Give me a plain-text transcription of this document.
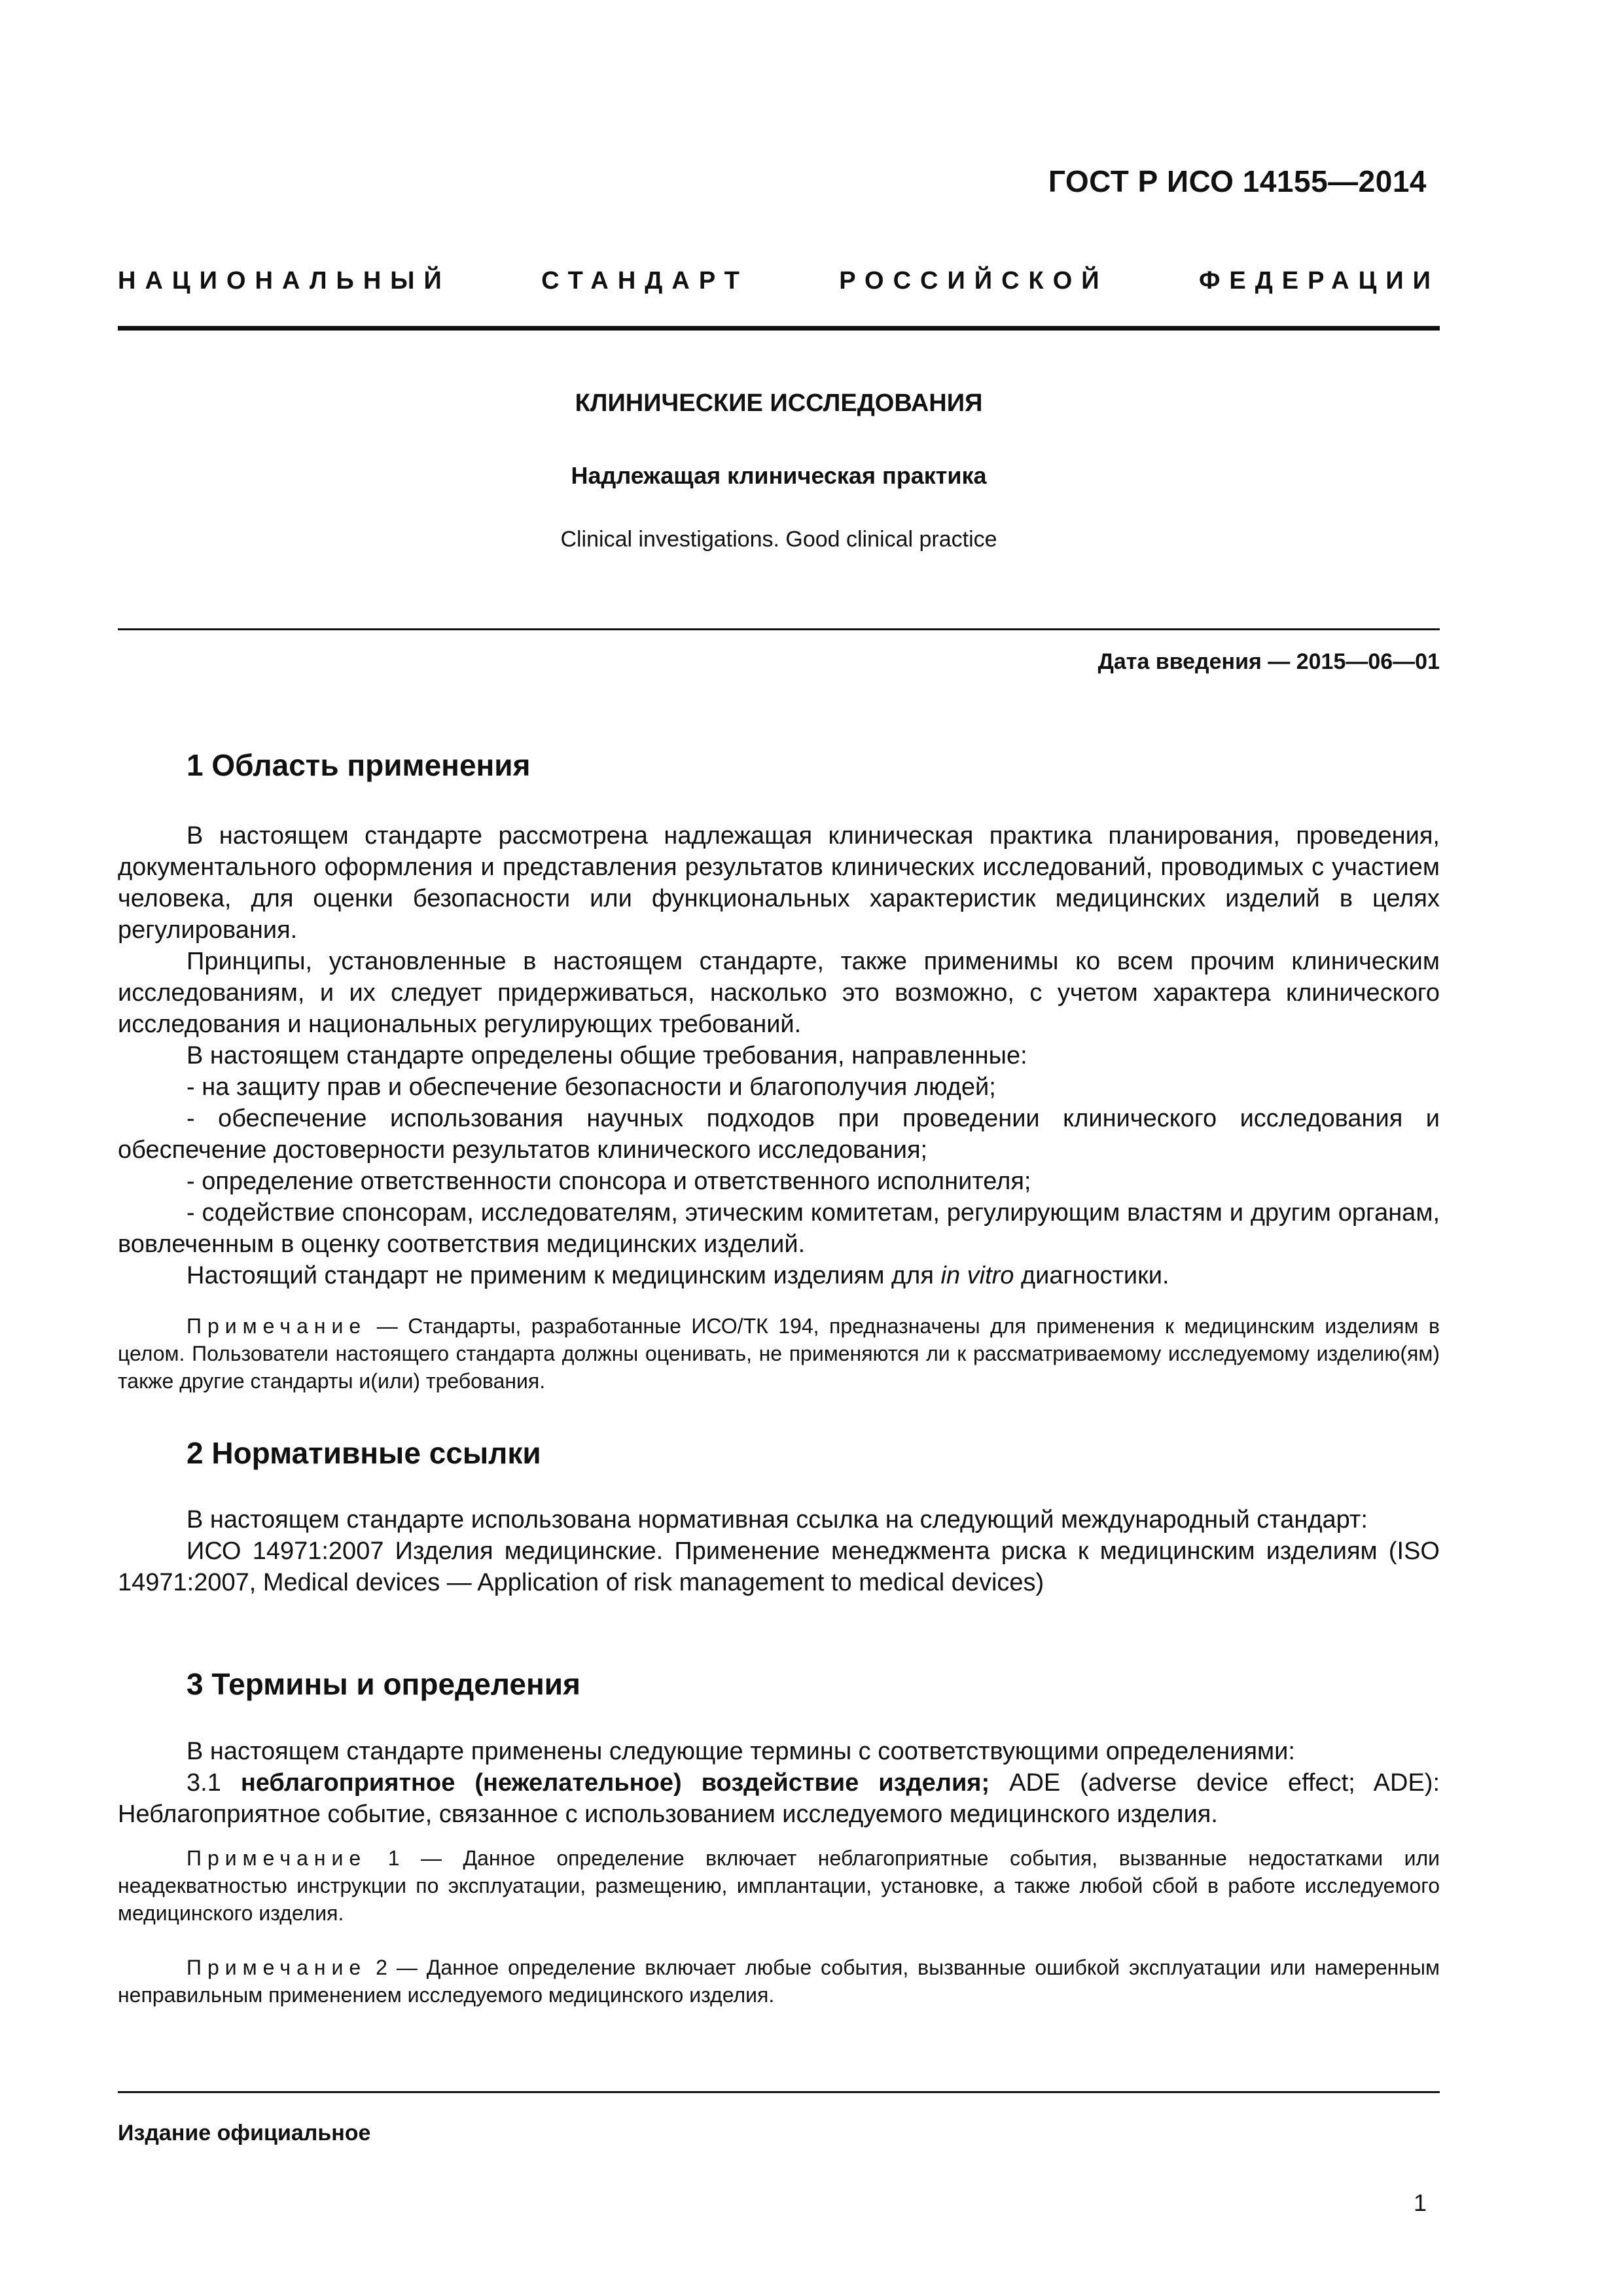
ГОСТ Р ИСО 14155—2014
НАЦИОНАЛЬНЫЙ	СТАНДАРТ	РОССИЙСКОЙ	ФЕДЕРАЦИИ
КЛИНИЧЕСКИЕ ИССЛЕДОВАНИЯ
Надлежащая клиническая практика
Clinical investigations. Good clinical practice
Дата введения — 2015—06—01
1 Область применения

В настоящем стандарте рассмотрена надлежащая клиническая практика планирования, проведения, документального оформления и представления результатов клинических исследований, проводимых с участием человека, для оценки безопасности или функциональных характеристик медицинских изделий в целях регулирования.

Принципы, установленные в настоящем стандарте, также применимы ко всем прочим клиническим исследованиям, и их следует придерживаться, насколько это возможно, с учетом характера клинического исследования и национальных регулирующих требований.

В настоящем стандарте определены общие требования, направленные:

- на защиту прав и обеспечение безопасности и благополучия людей;

- обеспечение использования научных подходов при проведении клинического исследования и обеспечение достоверности результатов клинического исследования;

- определение ответственности спонсора и ответственного исполнителя;

- содействие спонсорам, исследователям, этическим комитетам, регулирующим властям и другим органам, вовлеченным в оценку соответствия медицинских изделий.

Настоящий стандарт не применим к медицинским изделиям для in vitro диагностики.

Примечание — Стандарты, разработанные ИСО/ТК 194, предназначены для применения к медицинским изделиям в целом. Пользователи настоящего стандарта должны оценивать, не применяются ли к рассматриваемому исследуемому изделию(ям) также другие стандарты и(или) требования.

2 Нормативные ссылки

В настоящем стандарте использована нормативная ссылка на следующий международный стандарт:

ИСО 14971:2007 Изделия медицинские. Применение менеджмента риска к медицинским изделиям (ISO 14971:2007, Medical devices — Application of risk management to medical devices)

3 Термины и определения

В настоящем стандарте применены следующие термины с соответствующими определениями:

3.1 неблагоприятное (нежелательное) воздействие изделия; ADE (adverse device effect; ADE): Неблагоприятное событие, связанное с использованием исследуемого медицинского изделия.

Примечание 1 — Данное определение включает неблагоприятные события, вызванные недостатками или неадекватностью инструкции по эксплуатации, размещению, имплантации, установке, а также любой сбой в работе исследуемого медицинского изделия.

Примечание 2 — Данное определение включает любые события, вызванные ошибкой эксплуатации или намеренным неправильным применением исследуемого медицинского изделия.

Издание официальное
1
